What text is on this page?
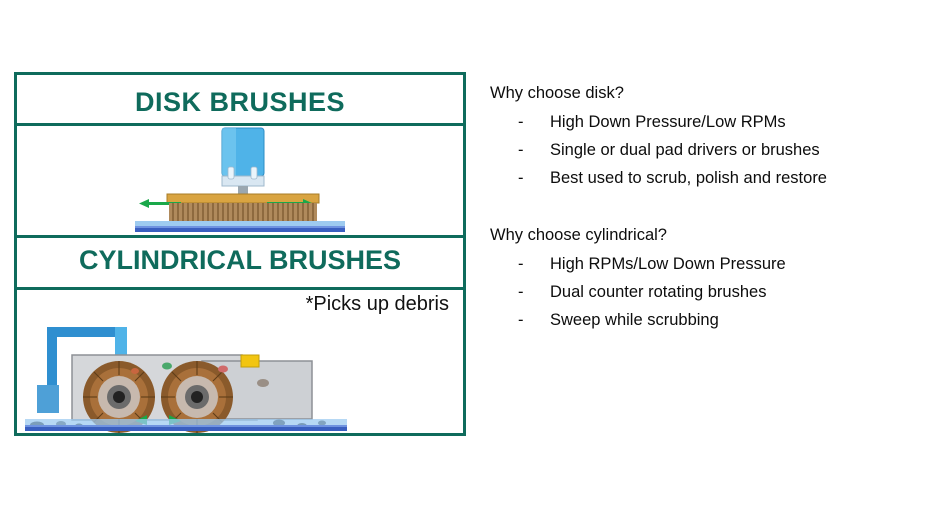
DISK BRUSHES
CYLINDRICAL BRUSHES
*Picks up debris

Why choose disk?

-	High Down Pressure/Low RPMs
-	Single or dual pad drivers or brushes
-	Best used to scrub, polish and restore

Why choose cylindrical?

-	High RPMs/Low Down Pressure
-	Dual counter rotating brushes
-	Sweep while scrubbing
